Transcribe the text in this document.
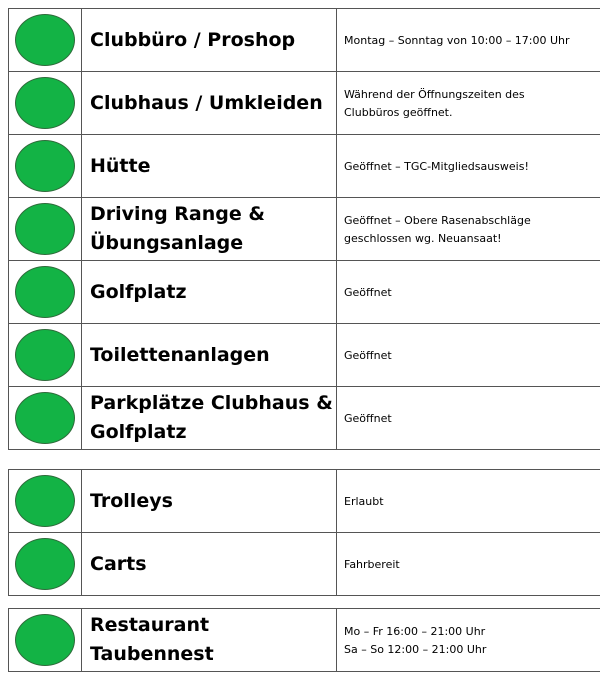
	Clubbüro / Proshop	Montag – Sonntag von 10:00 – 17:00 Uhr
	Clubhaus / Umkleiden	Während der Öffnungszeiten des
Clubbüros geöffnet.
	Hütte	Geöffnet – TGC-Mitgliedsausweis!
	Driving Range &
Übungsanlage	Geöffnet – Obere Rasenabschläge
geschlossen wg. Neuansaat!
	Golfplatz	Geöffnet
	Toilettenanlagen	Geöffnet
	Parkplätze Clubhaus &
Golfplatz	Geöffnet
	Trolleys	Erlaubt
	Carts	Fahrbereit
	Restaurant
Taubennest	Mo – Fr 16:00 – 21:00 Uhr
Sa – So 12:00 – 21:00 Uhr
